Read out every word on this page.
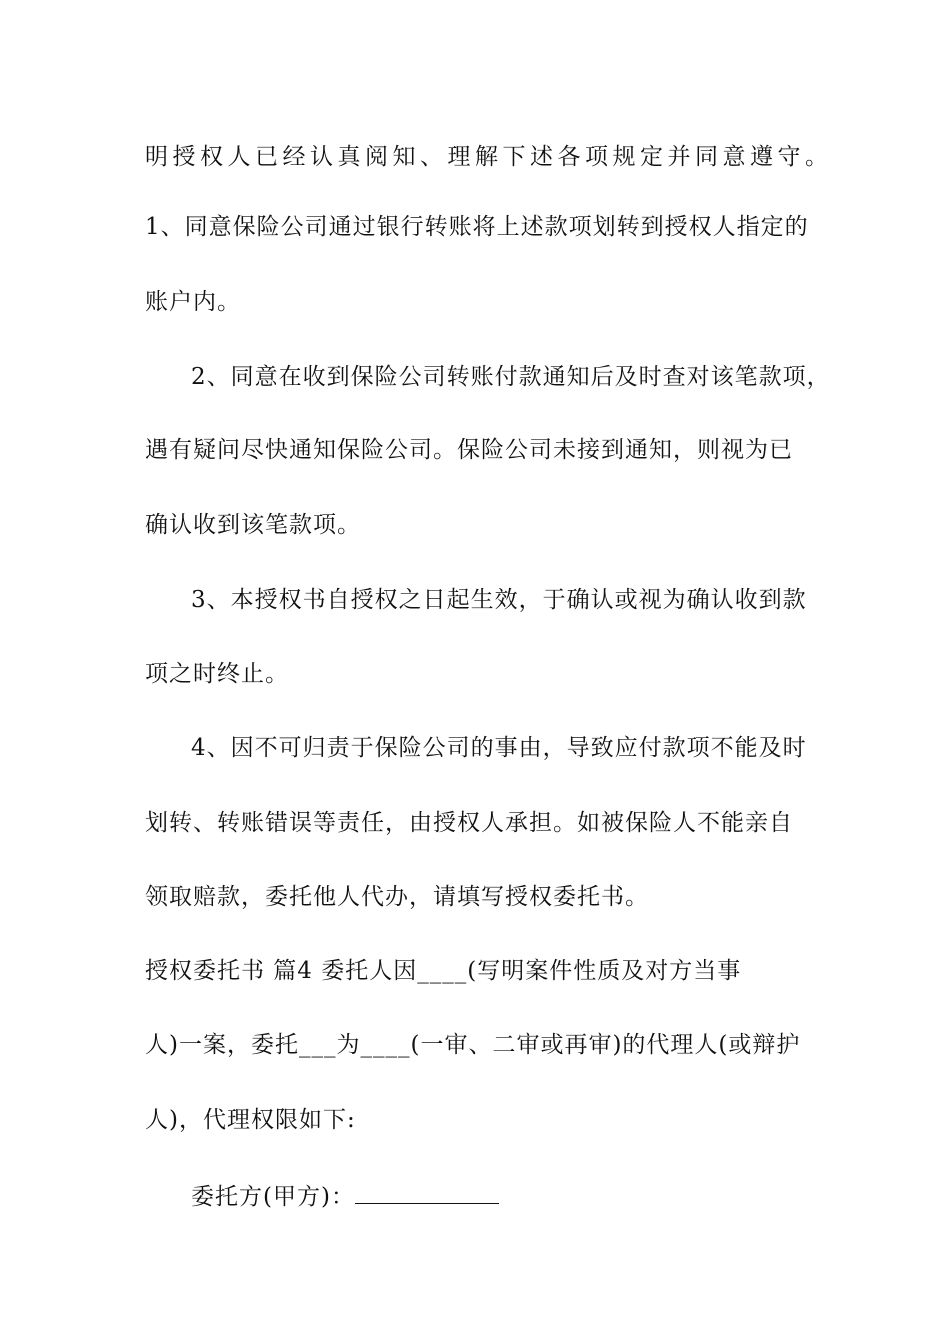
明授权人已经认真阅知、理解下述各项规定并同意遵守。
1、同意保险公司通过银行转账将上述款项划转到授权人指定的
账户内。
2、同意在收到保险公司转账付款通知后及时查对该笔款项，
遇有疑问尽快通知保险公司。保险公司未接到通知，则视为已
确认收到该笔款项。
3、本授权书自授权之日起生效，于确认或视为确认收到款
项之时终止。
4、因不可归责于保险公司的事由，导致应付款项不能及时
划转、转账错误等责任，由授权人承担。如被保险人不能亲自
领取赔款，委托他人代办，请填写授权委托书。
授权委托书 篇4 委托人因____(写明案件性质及对方当事
人)一案，委托___为____(一审、二审或再审)的代理人(或辩护
人)，代理权限如下:
委托方(甲方)：
